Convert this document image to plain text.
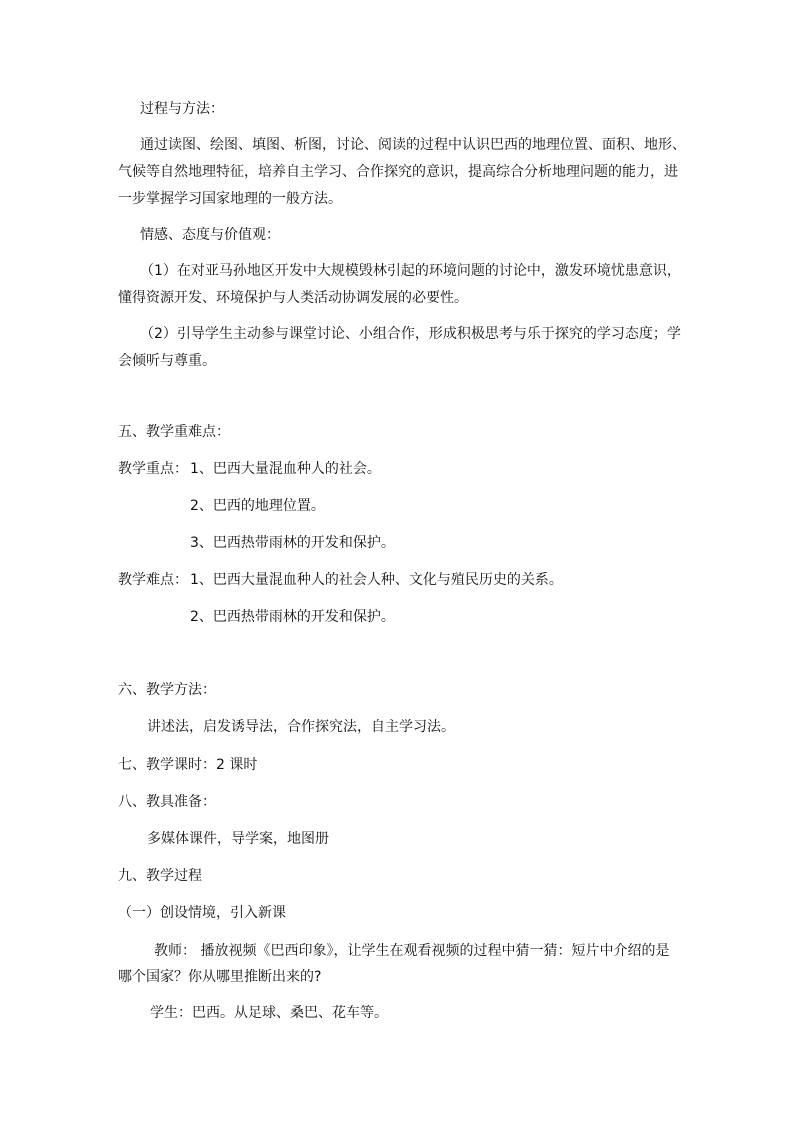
过程与方法：
通过读图、绘图、填图、析图，讨论、阅读的过程中认识巴西的地理位置、面积、地形、
气候等自然地理特征，培养自主学习、合作探究的意识，提高综合分析地理问题的能力，进
一步掌握学习国家地理的一般方法。
情感、态度与价值观：
（1）在对亚马孙地区开发中大规模毁林引起的环境问题的讨论中，激发环境忧患意识，
懂得资源开发、环境保护与人类活动协调发展的必要性。
（2）引导学生主动参与课堂讨论、小组合作，形成积极思考与乐于探究的学习态度；学
会倾听与尊重。
五、教学重难点：
教学重点： 1、巴西大量混血种人的社会。
2、巴西的地理位置。
3、巴西热带雨林的开发和保护。
教学难点： 1、巴西大量混血种人的社会人种、文化与殖民历史的关系。
2、巴西热带雨林的开发和保护。
六、教学方法：
讲述法，启发诱导法，合作探究法，自主学习法。
七、教学课时：2 课时
八、教具准备：
多媒体课件，导学案，地图册
九、教学过程
（一）创设情境，引入新课
教师： 播放视频《巴西印象》，让学生在观看视频的过程中猜一猜：短片中介绍的是
哪个国家？你从哪里推断出来的?
学生：巴西。从足球、桑巴、花车等。
